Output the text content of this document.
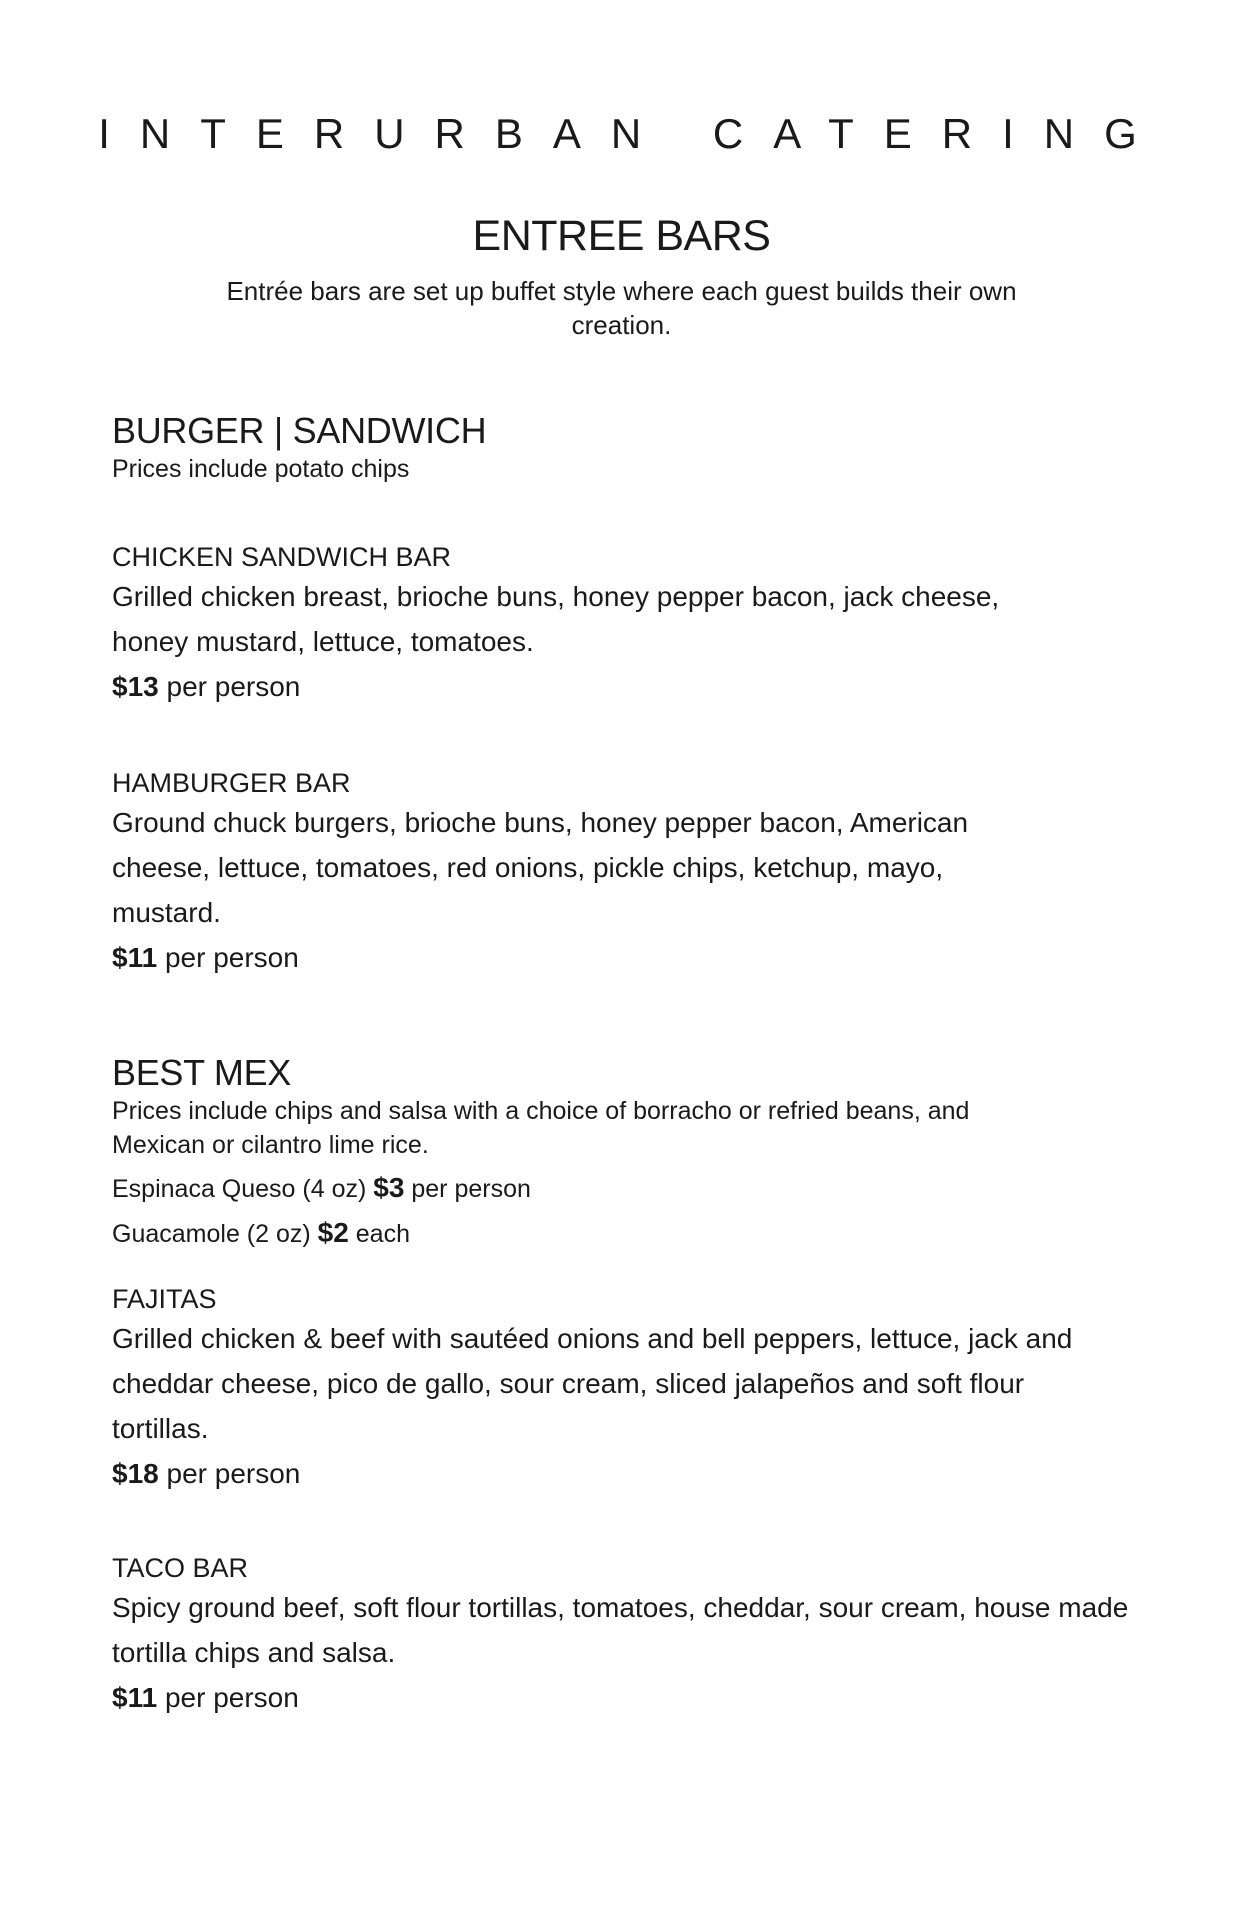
INTERURBAN CATERING
ENTREE BARS
Entrée bars are set up buffet style where each guest builds their own creation.
BURGER | SANDWICH
Prices include potato chips
CHICKEN SANDWICH BAR
Grilled chicken breast, brioche buns, honey pepper bacon, jack cheese, honey mustard, lettuce, tomatoes.
$13 per person
HAMBURGER BAR
Ground chuck burgers, brioche buns, honey pepper bacon, American cheese, lettuce, tomatoes, red onions, pickle chips, ketchup, mayo, mustard.
$11 per person
BEST MEX
Prices include chips and salsa with a choice of borracho or refried beans, and Mexican or cilantro lime rice.
Espinaca Queso (4 oz) $3 per person
Guacamole (2 oz) $2 each
FAJITAS
Grilled chicken & beef with sautéed onions and bell peppers, lettuce, jack and cheddar cheese, pico de gallo, sour cream, sliced jalapeños and soft flour tortillas.
$18 per person
TACO BAR
Spicy ground beef, soft flour tortillas, tomatoes, cheddar, sour cream, house made tortilla chips and salsa.
$11 per person
